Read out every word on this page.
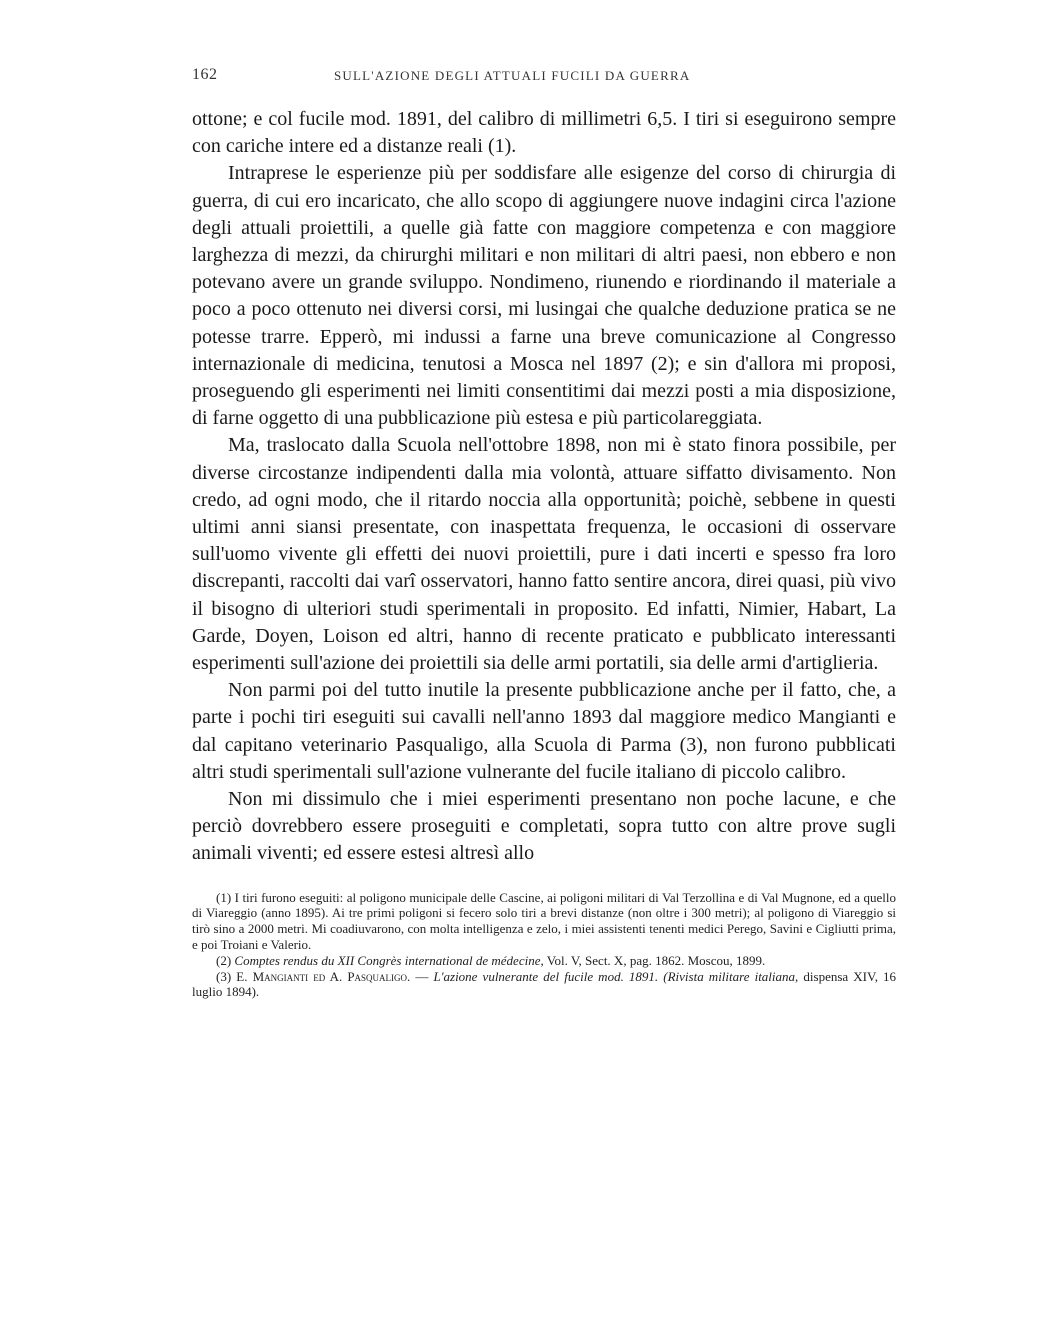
162	SULL'AZIONE DEGLI ATTUALI FUCILI DA GUERRA

ottone; e col fucile mod. 1891, del calibro di millimetri 6,5. I tiri si eseguirono sempre con cariche intere ed a distanze reali (1).

Intraprese le esperienze più per soddisfare alle esigenze del corso di chirurgia di guerra, di cui ero incaricato, che allo scopo di aggiungere nuove indagini circa l'azione degli attuali proiettili, a quelle già fatte con maggiore competenza e con maggiore larghezza di mezzi, da chirurghi militari e non militari di altri paesi, non ebbero e non potevano avere un grande sviluppo. Nondimeno, riunendo e riordinando il materiale a poco a poco ottenuto nei diversi corsi, mi lusingai che qualche deduzione pratica se ne potesse trarre. Epperò, mi indussi a farne una breve comunicazione al Congresso internazionale di medicina, tenutosi a Mosca nel 1897 (2); e sin d'allora mi proposi, proseguendo gli esperimenti nei limiti consentitimi dai mezzi posti a mia disposizione, di farne oggetto di una pubblicazione più estesa e più particolareggiata.

Ma, traslocato dalla Scuola nell'ottobre 1898, non mi è stato finora possibile, per diverse circostanze indipendenti dalla mia volontà, attuare siffatto divisamento. Non credo, ad ogni modo, che il ritardo noccia alla opportunità; poichè, sebbene in questi ultimi anni siansi presentate, con inaspettata frequenza, le occasioni di osservare sull'uomo vivente gli effetti dei nuovi proiettili, pure i dati incerti e spesso fra loro discrepanti, raccolti dai varî osservatori, hanno fatto sentire ancora, direi quasi, più vivo il bisogno di ulteriori studi sperimentali in proposito. Ed infatti, Nimier, Habart, La Garde, Doyen, Loison ed altri, hanno di recente praticato e pubblicato interessanti esperimenti sull'azione dei proiettili sia delle armi portatili, sia delle armi d'artiglieria.

Non parmi poi del tutto inutile la presente pubblicazione anche per il fatto, che, a parte i pochi tiri eseguiti sui cavalli nell'anno 1893 dal maggiore medico Mangianti e dal capitano veterinario Pasqualigo, alla Scuola di Parma (3), non furono pubblicati altri studi sperimentali sull'azione vulnerante del fucile italiano di piccolo calibro.

Non mi dissimulo che i miei esperimenti presentano non poche lacune, e che perciò dovrebbero essere proseguiti e completati, sopra tutto con altre prove sugli animali viventi; ed essere estesi altresì allo

(1) I tiri furono eseguiti: al poligono municipale delle Cascine, ai poligoni militari di Val Terzollina e di Val Mugnone, ed a quello di Viareggio (anno 1895). Ai tre primi poligoni si fecero solo tiri a brevi distanze (non oltre i 300 metri); al poligono di Viareggio si tirò sino a 2000 metri. Mi coadiuvarono, con molta intelligenza e zelo, i miei assistenti tenenti medici Perego, Savini e Cigliutti prima, e poi Troiani e Valerio.

(2) Comptes rendus du XII Congrès international de médecine, Vol. V, Sect. X, pag. 1862. Moscou, 1899.

(3) E. Mangianti ed A. Pasqualigo. — L'azione vulnerante del fucile mod. 1891. (Rivista militare italiana, dispensa XIV, 16 luglio 1894).
